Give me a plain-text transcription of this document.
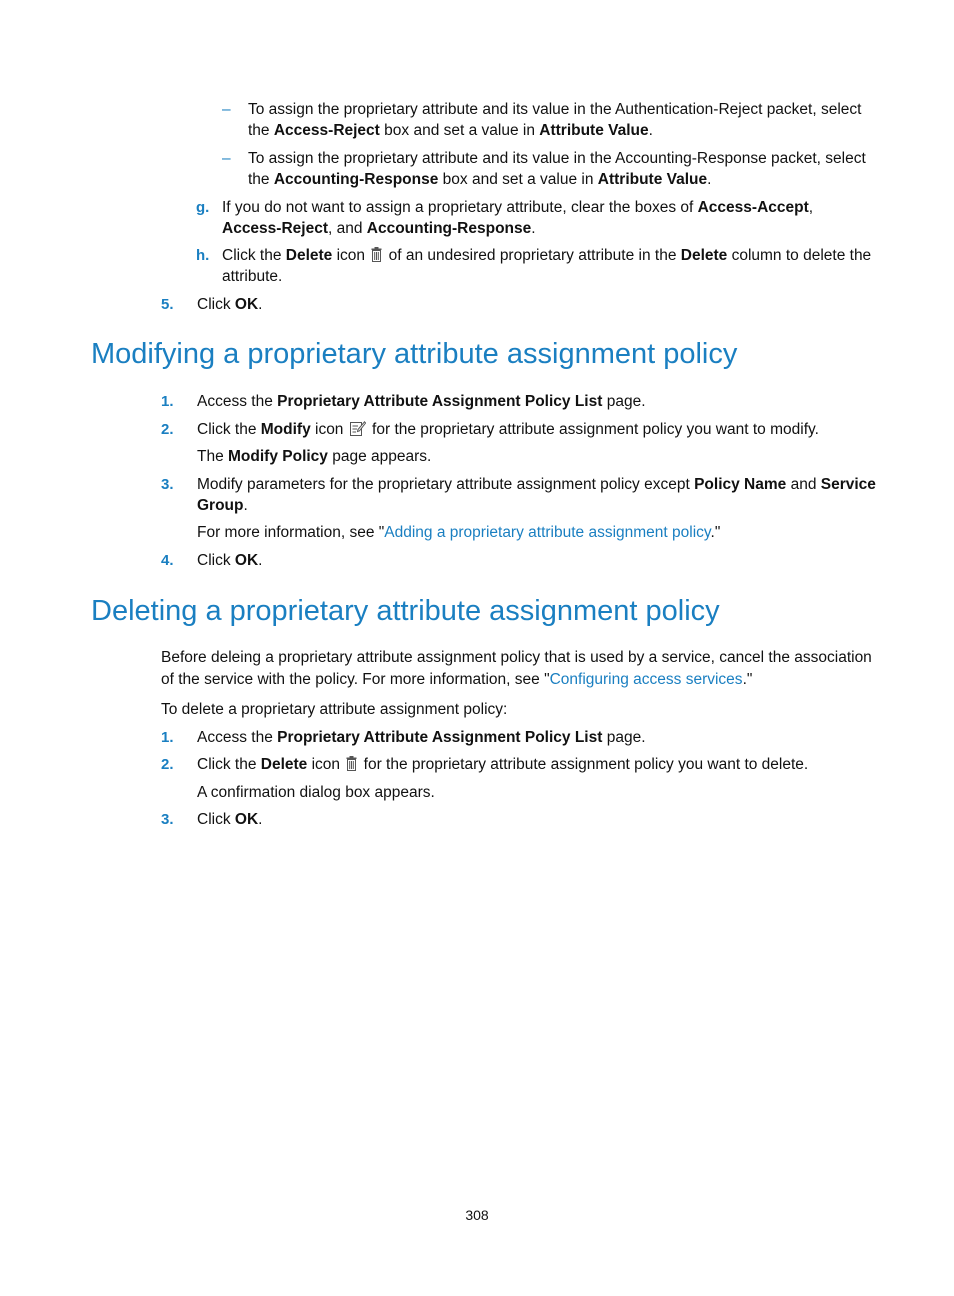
– To assign the proprietary attribute and its value in the Authentication-Reject packet, select
the Access-Reject box and set a value in Attribute Value.
– To assign the proprietary attribute and its value in the Accounting-Response packet, select
the Accounting-Response box and set a value in Attribute Value.
g. If you do not want to assign a proprietary attribute, clear the boxes of Access-Accept,
Access-Reject, and Accounting-Response.
h. Click the Delete icon  of an undesired proprietary attribute in the Delete column to delete the
attribute.
5. Click OK.
Modifying a proprietary attribute assignment policy
1. Access the Proprietary Attribute Assignment Policy List page.
2. Click the Modify icon  for the proprietary attribute assignment policy you want to modify.
The Modify Policy page appears.
3. Modify parameters for the proprietary attribute assignment policy except Policy Name and Service
Group.
For more information, see "Adding a proprietary attribute assignment policy."
4. Click OK.
Deleting a proprietary attribute assignment policy
Before deleing a proprietary attribute assignment policy that is used by a service, cancel the association
of the service with the policy. For more information, see "Configuring access services."
To delete a proprietary attribute assignment policy:
1. Access the Proprietary Attribute Assignment Policy List page.
2. Click the Delete icon  for the proprietary attribute assignment policy you want to delete.
A confirmation dialog box appears.
3. Click OK.
308
